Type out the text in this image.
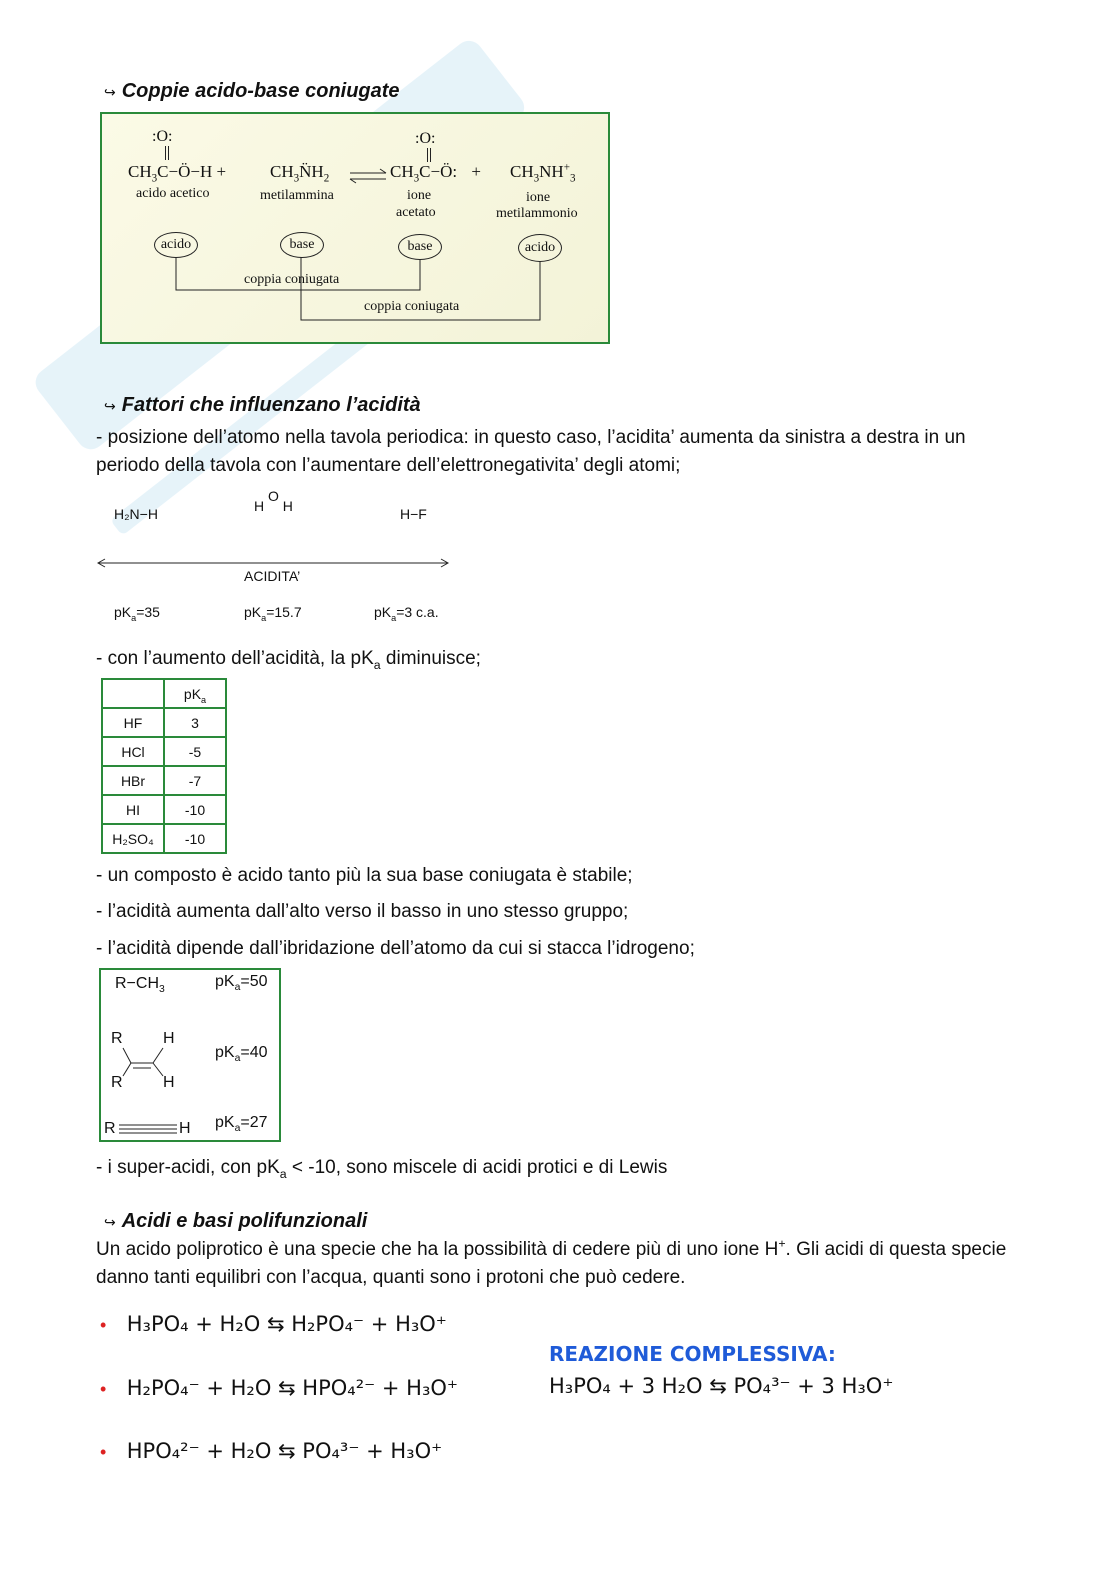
↪ Coppie acido-base coniugate
:O:	:O:
$CH_3C-Ö-H$ +	$CH_3N̈H_2$ ⇌ $CH_3C-Ö$: + $CH_3NH^+_3$
acido acetico	metilammina	ione
acetato
ione
metilammonio
acido	base	base	acido
coppia coniugata
coppia coniugata
↪ Fattori che influenzano l’acidità
- posizione dell’atomo nella tavola periodica: in questo caso, l’acidita’ aumenta da sinistra a destra in un periodo della tavola con l’aumentare dell’elettronegativita’ degli atomi;
H₂N−H	H O H	H−F
ACIDITA’
$pK_a=35$	$pK_a=15.7$	$pK_a=3$ c.a.
- con l’aumento dell’acidità, la $pK_a$ diminuisce;
	$pK_a$
HF	3
HCl	-5
HBr	-7
HI	-10
H₂SO₄	-10
- un composto è acido tanto più la sua base coniugata è stabile;
- l’acidità aumenta dall’alto verso il basso in uno stesso gruppo;
- l’acidità dipende dall’ibridazione dell’atomo da cui si stacca l’idrogeno;
$R-CH_3$	$pK_a=50$
R	H
R	H
$pK_a=40$
R	H $pK_a=27$
- i super-acidi, con $pK_a < -10$, sono miscele di acidi protici e di Lewis
↪ Acidi e basi polifunzionali
Un acido poliprotico è una specie che ha la possibilità di cedere più di uno ione H+. Gli acidi di questa specie danno tanti equilibri con l’acqua, quanti sono i protoni che può cedere.
• H₃PO₄ + H₂O ⇆ H₂PO₄⁻ + H₃O⁺
• H₂PO₄⁻ + H₂O ⇆ HPO₄²⁻ + H₃O⁺
• HPO₄²⁻ + H₂O ⇆ PO₄³⁻ + H₃O⁺
REAZIONE COMPLESSIVA:
H₃PO₄ + 3 H₂O ⇆ PO₄³⁻ + 3 H₃O⁺
